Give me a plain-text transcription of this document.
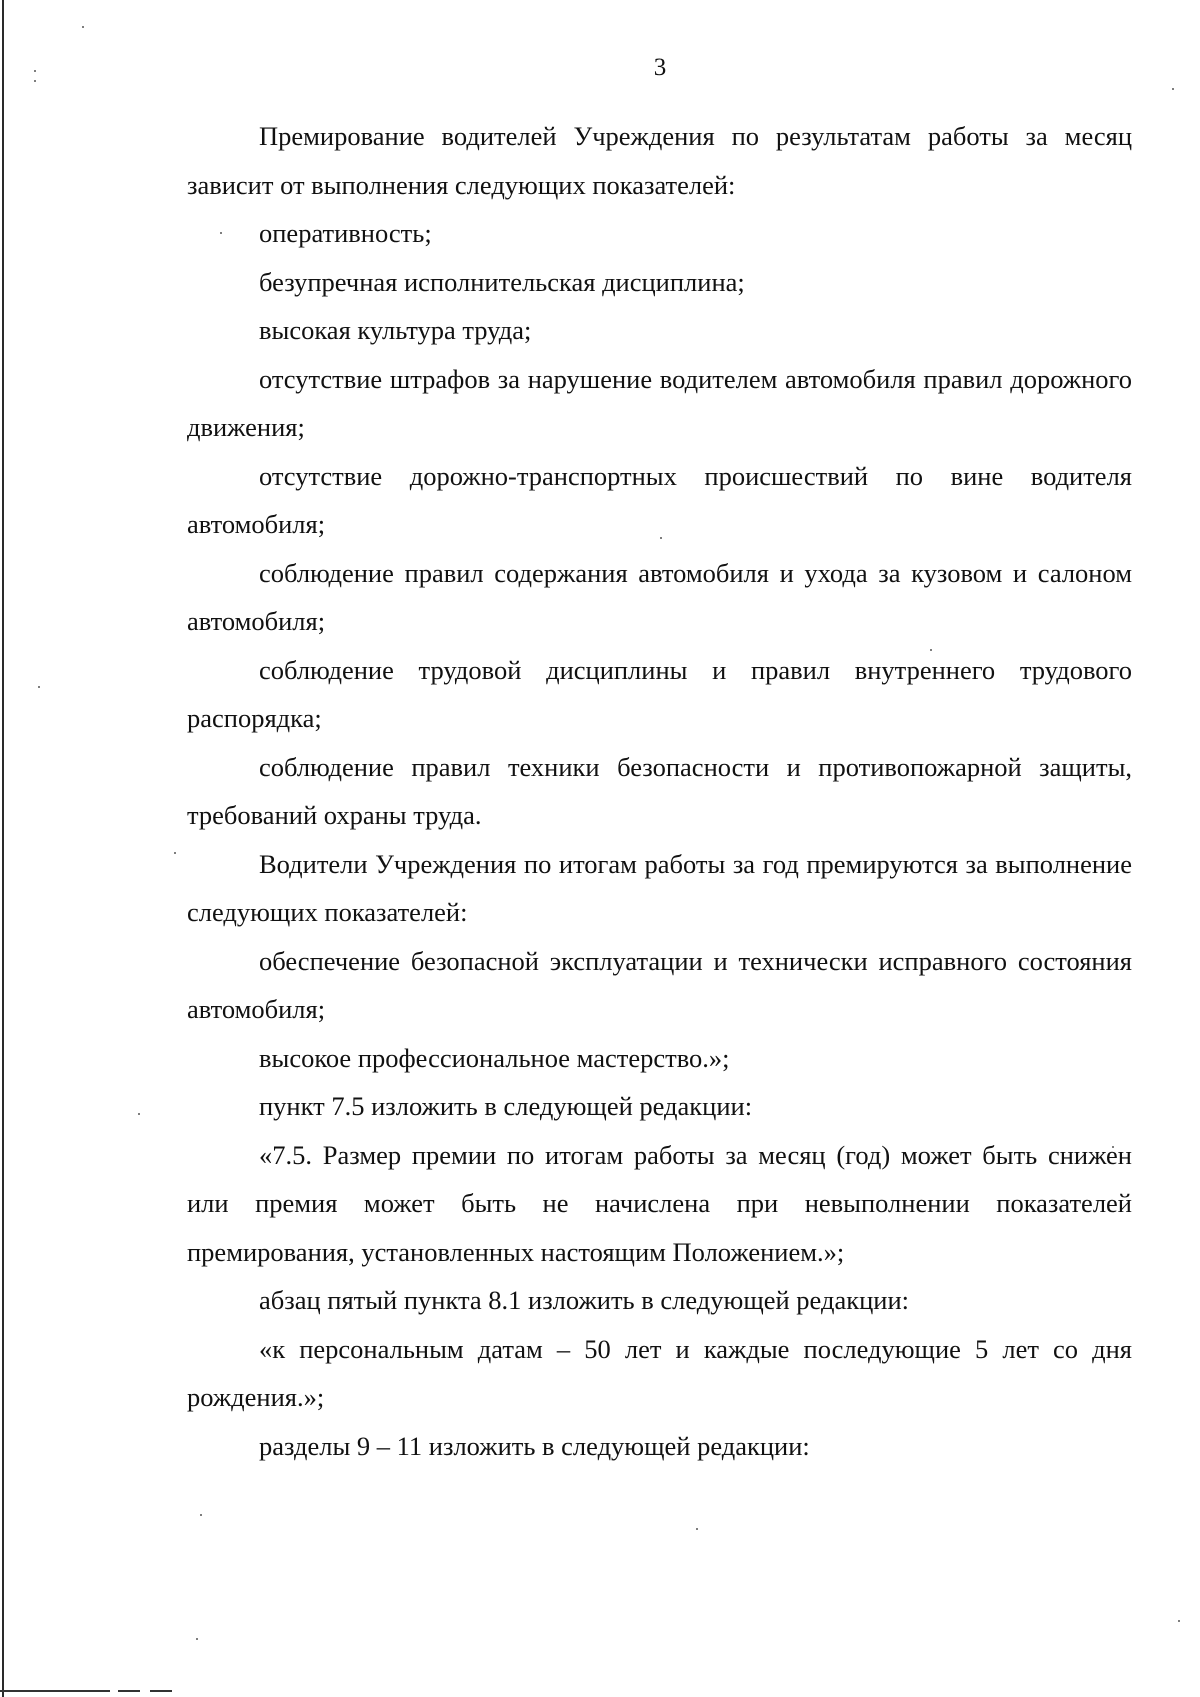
3

Премирование водителей Учреждения по результатам работы за месяц зависит от выполнения следующих показателей:

оперативность;

безупречная исполнительская дисциплина;

высокая культура труда;

отсутствие штрафов за нарушение водителем автомобиля правил дорожного движения;

отсутствие дорожно-транспортных происшествий по вине водителя автомобиля;

соблюдение правил содержания автомобиля и ухода за кузовом и салоном автомобиля;

соблюдение трудовой дисциплины и правил внутреннего трудового распорядка;

соблюдение правил техники безопасности и противопожарной защиты, требований охраны труда.

Водители Учреждения по итогам работы за год премируются за выполнение следующих показателей:

обеспечение безопасной эксплуатации и технически исправного состояния автомобиля;

высокое профессиональное мастерство.»;

пункт 7.5 изложить в следующей редакции:

«7.5. Размер премии по итогам работы за месяц (год) может быть снижен или премия может быть не начислена при невыполнении показателей премирования, установленных настоящим Положением.»;

абзац пятый пункта 8.1 изложить в следующей редакции:

«к персональным датам – 50 лет и каждые последующие 5 лет со дня рождения.»;

разделы 9 – 11 изложить в следующей редакции:
